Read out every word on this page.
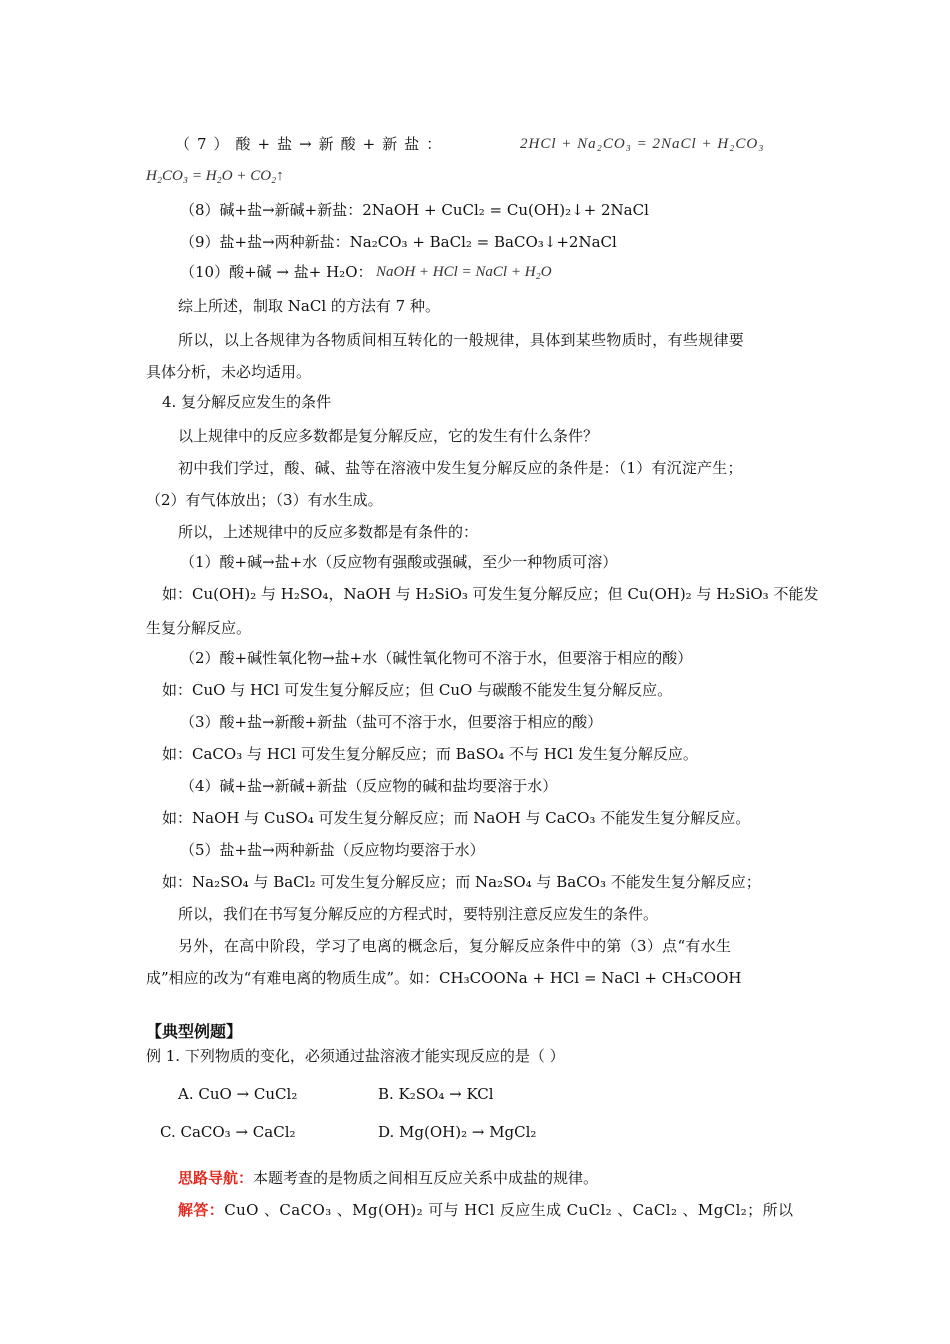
（7）酸+盐→新酸+新盐：	2HCl + Na₂CO₃ = 2NaCl + H₂CO₃
H₂CO₃ = H₂O + CO₂↑
（8）碱+盐→新碱+新盐：2NaOH + CuCl₂ = Cu(OH)₂↓+ 2NaCl
（9）盐+盐→两种新盐：Na₂CO₃ + BaCl₂ = BaCO₃↓+2NaCl
（10）酸+碱 → 盐+ H₂O： NaOH + HCl = NaCl + H₂O
综上所述，制取 NaCl 的方法有 7 种。
所以，以上各规律为各物质间相互转化的一般规律，具体到某些物质时，有些规律要
具体分析，未必均适用。
4. 复分解反应发生的条件
以上规律中的反应多数都是复分解反应，它的发生有什么条件？
初中我们学过，酸、碱、盐等在溶液中发生复分解反应的条件是：（1）有沉淀产生；
（2）有气体放出；（3）有水生成。
所以，上述规律中的反应多数都是有条件的：
（1）酸+碱→盐+水（反应物有强酸或强碱，至少一种物质可溶）
如：Cu(OH)₂ 与 H₂SO₄，NaOH 与 H₂SiO₃ 可发生复分解反应；但 Cu(OH)₂ 与 H₂SiO₃ 不能发
生复分解反应。
（2）酸+碱性氧化物→盐+水（碱性氧化物可不溶于水，但要溶于相应的酸）
如：CuO 与 HCl 可发生复分解反应；但 CuO 与碳酸不能发生复分解反应。
（3）酸+盐→新酸+新盐（盐可不溶于水，但要溶于相应的酸）
如：CaCO₃ 与 HCl 可发生复分解反应；而 BaSO₄ 不与 HCl 发生复分解反应。
（4）碱+盐→新碱+新盐（反应物的碱和盐均要溶于水）
如：NaOH 与 CuSO₄ 可发生复分解反应；而 NaOH 与 CaCO₃ 不能发生复分解反应。
（5）盐+盐→两种新盐（反应物均要溶于水）
如：Na₂SO₄ 与 BaCl₂ 可发生复分解反应；而 Na₂SO₄ 与 BaCO₃ 不能发生复分解反应；
所以，我们在书写复分解反应的方程式时，要特别注意反应发生的条件。
另外，在高中阶段，学习了电离的概念后，复分解反应条件中的第（3）点“有水生
成”相应的改为“有难电离的物质生成”。如：CH₃COONa + HCl = NaCl + CH₃COOH
【典型例题】
例 1. 下列物质的变化，必须通过盐溶液才能实现反应的是（ ）
A. CuO → CuCl₂	B. K₂SO₄ → KCl
C. CaCO₃ → CaCl₂	D. Mg(OH)₂ → MgCl₂
思路导航：本题考查的是物质之间相互反应关系中成盐的规律。
解答：CuO 、CaCO₃ 、Mg(OH)₂ 可与 HCl 反应生成 CuCl₂ 、CaCl₂ 、MgCl₂；所以
